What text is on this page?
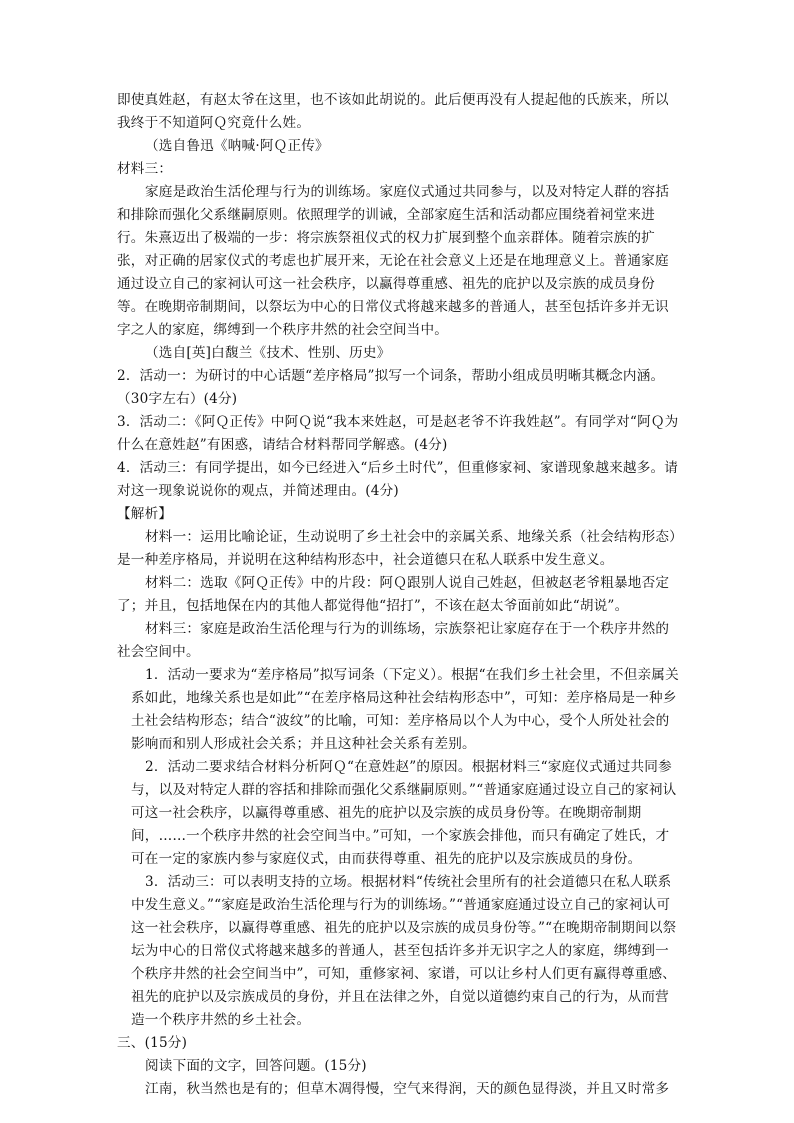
即使真姓赵，有赵太爷在这里，也不该如此胡说的。此后便再没有人提起他的氏族来，所以我终于不知道阿Ｑ究竟什么姓。

（选自鲁迅《呐喊·阿Ｑ正传》

材料三：

家庭是政治生活伦理与行为的训练场。家庭仪式通过共同参与，以及对特定人群的容括和排除而强化父系继嗣原则。依照理学的训诫，全部家庭生活和活动都应围绕着祠堂来进行。朱熹迈出了极端的一步：将宗族祭祖仪式的权力扩展到整个血亲群体。随着宗族的扩张，对正确的居家仪式的考虑也扩展开来，无论在社会意义上还是在地理意义上。普通家庭通过设立自己的家祠认可这一社会秩序，以赢得尊重感、祖先的庇护以及宗族的成员身份等。在晚期帝制期间，以祭坛为中心的日常仪式将越来越多的普通人，甚至包括许多并无识字之人的家庭，绑缚到一个秩序井然的社会空间当中。

（选自[英]白馥兰《技术、性别、历史》

2．活动一：为研讨的中心话题“差序格局”拟写一个词条，帮助小组成员明晰其概念内涵。（30字左右）(4分)

3．活动二：《阿Ｑ正传》中阿Ｑ说“我本来姓赵，可是赵老爷不许我姓赵”。有同学对“阿Ｑ为什么在意姓赵”有困惑，请结合材料帮同学解惑。(4分)

4．活动三：有同学提出，如今已经进入“后乡土时代”，但重修家祠、家谱现象越来越多。请对这一现象说说你的观点，并简述理由。(4分)

【解析】

材料一：运用比喻论证，生动说明了乡土社会中的亲属关系、地缘关系（社会结构形态）是一种差序格局，并说明在这种结构形态中，社会道德只在私人联系中发生意义。

材料二：选取《阿Ｑ正传》中的片段：阿Ｑ跟别人说自己姓赵，但被赵老爷粗暴地否定了；并且，包括地保在内的其他人都觉得他“招打”，不该在赵太爷面前如此“胡说”。

材料三：家庭是政治生活伦理与行为的训练场，宗族祭祀让家庭存在于一个秩序井然的社会空间中。

1．活动一要求为“差序格局”拟写词条（下定义）。根据“在我们乡土社会里，不但亲属关系如此，地缘关系也是如此”“在差序格局这种社会结构形态中”，可知：差序格局是一种乡土社会结构形态；结合“波纹”的比喻，可知：差序格局以个人为中心，受个人所处社会的影响而和别人形成社会关系；并且这种社会关系有差别。

2．活动二要求结合材料分析阿Ｑ“在意姓赵”的原因。根据材料三“家庭仪式通过共同参与，以及对特定人群的容括和排除而强化父系继嗣原则。”“普通家庭通过设立自己的家祠认可这一社会秩序，以赢得尊重感、祖先的庇护以及宗族的成员身份等。在晚期帝制期间，……一个秩序井然的社会空间当中。”可知，一个家族会排他，而只有确定了姓氏，才可在一定的家族内参与家庭仪式，由而获得尊重、祖先的庇护以及宗族成员的身份。

3．活动三：可以表明支持的立场。根据材料“传统社会里所有的社会道德只在私人联系中发生意义。”“家庭是政治生活伦理与行为的训练场。”“普通家庭通过设立自己的家祠认可这一社会秩序，以赢得尊重感、祖先的庇护以及宗族的成员身份等。”“在晚期帝制期间以祭坛为中心的日常仪式将越来越多的普通人，甚至包括许多并无识字之人的家庭，绑缚到一个秩序井然的社会空间当中”，可知，重修家祠、家谱，可以让乡村人们更有赢得尊重感、祖先的庇护以及宗族成员的身份，并且在法律之外，自觉以道德约束自己的行为，从而营造一个秩序井然的乡土社会。

三、(15分)

阅读下面的文字，回答问题。(15分)

江南，秋当然也是有的；但草木凋得慢，空气来得润，天的颜色显得淡，并且又时常多
